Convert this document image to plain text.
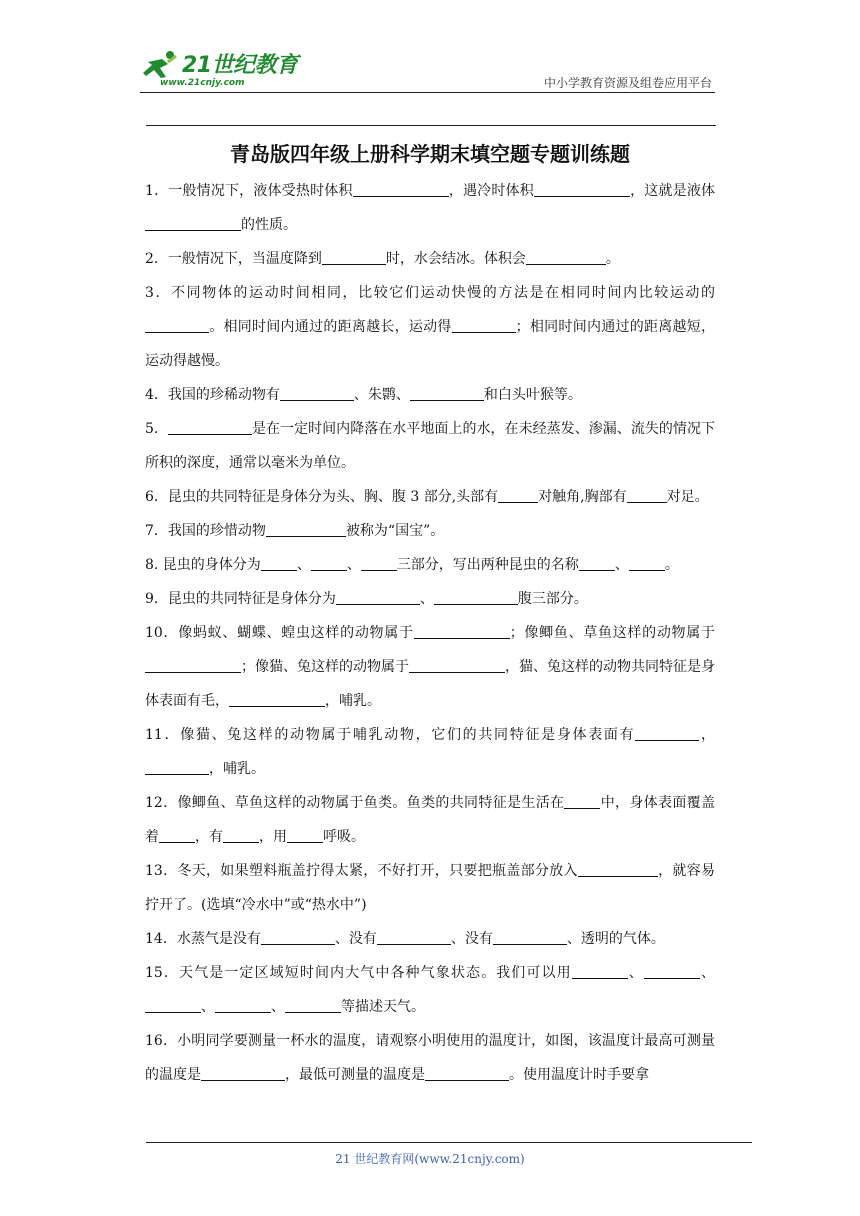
21世纪教育
www.21cnjy.com	中小学教育资源及组卷应用平台
青岛版四年级上册科学期末填空题专题训练题
1．一般情况下，液体受热时体积	，遇冷时体积	，这就是液体的性质。
2．一般情况下，当温度降到	时，水会结冰。体积会	。
3．不同物体的运动时间相同，比较它们运动快慢的方法是在相同时间内比较运动的。相同时间内通过的距离越长，运动得	；相同时间内通过的距离越短，运动得越慢。
4．我国的珍稀动物有	、朱鹮、	和白头叶猴等。
5．	是在一定时间内降落在水平地面上的水，在未经蒸发、渗漏、流失的情况下所积的深度，通常以毫米为单位。
6．昆虫的共同特征是身体分为头、胸、腹 3 部分,头部有	对触角,胸部有	对足。
7．我国的珍惜动物	被称为“国宝”。
8. 昆虫的身体分为	、	、	三部分，写出两种昆虫的名称	、	。
9．昆虫的共同特征是身体分为	、	腹三部分。
10．像蚂蚁、蝴蝶、蝗虫这样的动物属于	；像鲫鱼、草鱼这样的动物属于；像猫、兔这样的动物属于	，猫、兔这样的动物共同特征是身体表面有毛，	，哺乳。
11．像猫、兔这样的动物属于哺乳动物，它们的共同特征是身体表面有	，，哺乳。
12．像鲫鱼、草鱼这样的动物属于鱼类。鱼类的共同特征是生活在	中，身体表面覆盖着	，有	，用	呼吸。
13．冬天，如果塑料瓶盖拧得太紧，不好打开，只要把瓶盖部分放入	，就容易拧开了。(选填“冷水中”或“热水中”)
14．水蒸气是没有	、没有	、没有	、透明的气体。
15．天气是一定区域短时间内大气中各种气象状态。我们可以用	、	、、	、	等描述天气。
16．小明同学要测量一杯水的温度，请观察小明使用的温度计，如图，该温度计最高可测量的温度是	，最低可测量的温度是	。使用温度计时手要拿
21 世纪教育网(www.21cnjy.com)
